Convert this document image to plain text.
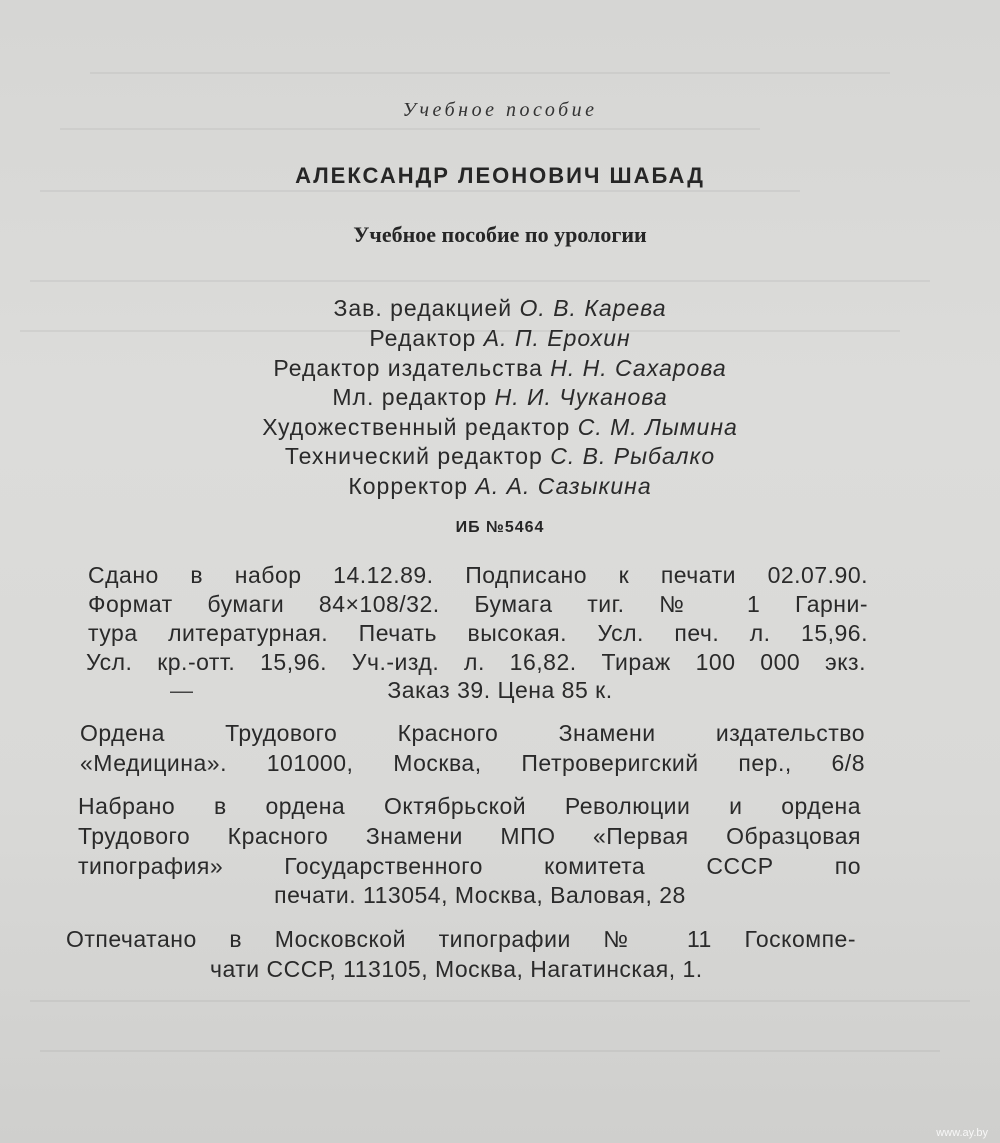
Учебное пособие
АЛЕКСАНДР ЛЕОНОВИЧ ШАБАД
Учебное пособие по урологии
Зав. редакцией О. В. Карева
Редактор А. П. Ерохин
Редактор издательства Н. Н. Сахарова
Мл. редактор Н. И. Чуканова
Художественный редактор С. М. Лымина
Технический редактор С. В. Рыбалко
Корректор А. А. Сазыкина
ИБ №5464
Сдано в набор 14.12.89. Подписано к печати 02.07.90.
Формат бумаги 84×108/32. Бумага тиг. № 1 Гарни-
тура литературная. Печать высокая. Усл. печ. л. 15,96.
Усл. кр.-отт. 15,96. Уч.-изд. л. 16,82. Тираж 100 000 экз.
—	Заказ 39. Цена 85 к.
Ордена Трудового Красного Знамени издательство
«Медицина». 101000, Москва, Петроверигский пер., 6/8
Набрано в ордена Октябрьской Революции и ордена
Трудового Красного Знамени МПО «Первая Образцовая
типография» Государственного комитета СССР по
печати. 113054, Москва, Валовая, 28
Отпечатано в Московской типографии № 11 Госкомпе-
чати СССР, 113105, Москва, Нагатинская, 1.
www.ay.by
